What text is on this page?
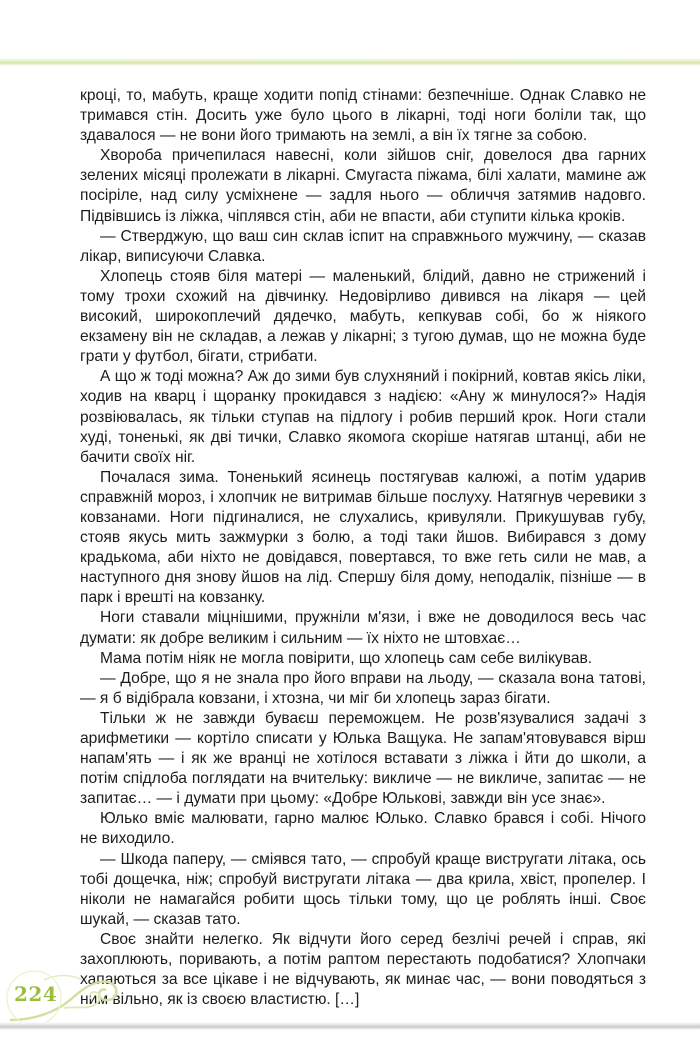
кроці, то, мабуть, краще ходити попід стінами: безпечніше. Однак Славко не тримався стін. Досить уже було цього в лікарні, тоді ноги боліли так, що здавалося — не вони його тримають на землі, а він їх тягне за собою.

Хвороба причепилася навесні, коли зійшов сніг, довелося два гарних зелених місяці пролежати в лікарні. Смугаста піжама, білі халати, мамине аж посіріле, над силу усміхнене — задля нього — обличчя затямив надовго. Підвівшись із ліжка, чіплявся стін, аби не впасти, аби ступити кілька кроків.

— Стверджую, що ваш син склав іспит на справжнього мужчину, — сказав лікар, виписуючи Славка.

Хлопець стояв біля матері — маленький, блідий, давно не стрижений і тому трохи схожий на дівчинку. Недовірливо дивився на лікаря — цей високий, широкоплечий дядечко, мабуть, кепкував собі, бо ж ніякого екзамену він не складав, а лежав у лікарні; з тугою думав, що не можна буде грати у футбол, бігати, стрибати.

А що ж тоді можна? Аж до зими був слухняний і покірний, ковтав якісь ліки, ходив на кварц і щоранку прокидався з надією: «Ану ж минулося?» Надія розвіювалась, як тільки ступав на підлогу і робив перший крок. Ноги стали худі, тоненькі, як дві тички, Славко якомога скоріше натягав штанці, аби не бачити своїх ніг.

Почалася зима. Тоненький ясинець постягував калюжі, а потім ударив справжній мороз, і хлопчик не витримав більше послуху. Натягнув черевики з ковзанами. Ноги підгиналися, не слухались, кривуляли. Прикушував губу, стояв якусь мить зажмурки з болю, а тоді таки йшов. Вибирався з дому крадькома, аби ніхто не довідався, повертався, то вже геть сили не мав, а наступного дня знову йшов на лід. Спершу біля дому, неподалік, пізніше — в парк і врешті на ковзанку.

Ноги ставали міцнішими, пружніли м'язи, і вже не доводилося весь час думати: як добре великим і сильним — їх ніхто не штовхає…

Мама потім ніяк не могла повірити, що хлопець сам себе вилікував.

— Добре, що я не знала про його вправи на льоду, — сказала вона татові, — я б відібрала ковзани, і хтозна, чи міг би хлопець зараз бігати.

Тільки ж не завжди буваєш переможцем. Не розв'язувалися задачі з арифметики — кортіло списати у Юлька Ващука. Не запам'ятовувався вірш напам'ять — і як же вранці не хотілося вставати з ліжка і йти до школи, а потім спідлоба поглядати на вчительку: викличе — не викличе, запитає — не запитає… — і думати при цьому: «Добре Юлькові, завжди він усе знає».

Юлько вміє малювати, гарно малює Юлько. Славко брався і собі. Нічого не виходило.

— Шкода паперу, — сміявся тато, — спробуй краще вистругати літака, ось тобі дощечка, ніж; спробуй вистругати літака — два крила, хвіст, пропелер. І ніколи не намагайся робити щось тільки тому, що це роблять інші. Своє шукай, — сказав тато.

Своє знайти нелегко. Як відчути його серед безлічі речей і справ, які захоплюють, поривають, а потім раптом перестають подобатися? Хлопчаки хапаються за все цікаве і не відчувають, як минає час, — вони поводяться з ним вільно, як із своєю властистю. […]

224
